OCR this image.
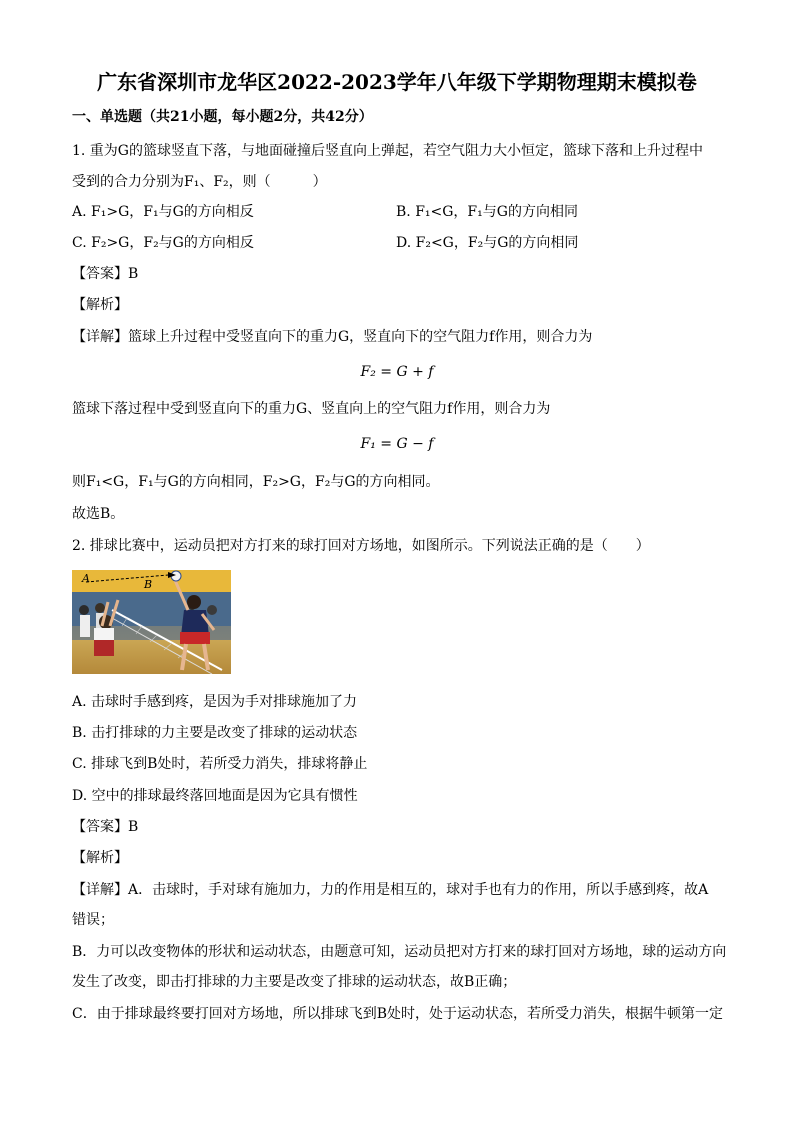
广东省深圳市龙华区2022-2023学年八年级下学期物理期末模拟卷
一、单选题（共21小题，每小题2分，共42分）
1. 重为G的篮球竖直下落，与地面碰撞后竖直向上弹起，若空气阻力大小恒定，篮球下落和上升过程中
受到的合力分别为F₁、F₂，则（　　　）
A. F₁>G，F₁与G的方向相反	B. F₁<G，F₁与G的方向相同
C. F₂>G，F₂与G的方向相反	D. F₂<G，F₂与G的方向相同
【答案】B
【解析】
【详解】篮球上升过程中受竖直向下的重力G，竖直向下的空气阻力f作用，则合力为
F₂ = G + f
篮球下落过程中受到竖直向下的重力G、竖直向上的空气阻力f作用，则合力为
F₁ = G − f
则F₁<G，F₁与G的方向相同，F₂>G，F₂与G的方向相同。
故选B。
2. 排球比赛中，运动员把对方打来的球打回对方场地，如图所示。下列说法正确的是（　　）
A	B
A. 击球时手感到疼，是因为手对排球施加了力
B. 击打排球的力主要是改变了排球的运动状态
C. 排球飞到B处时，若所受力消失，排球将静止
D. 空中的排球最终落回地面是因为它具有惯性
【答案】B
【解析】
【详解】A．击球时，手对球有施加力，力的作用是相互的，球对手也有力的作用，所以手感到疼，故A
错误；
B．力可以改变物体的形状和运动状态，由题意可知，运动员把对方打来的球打回对方场地，球的运动方向
发生了改变，即击打排球的力主要是改变了排球的运动状态，故B正确；
C．由于排球最终要打回对方场地，所以排球飞到B处时，处于运动状态，若所受力消失，根据牛顿第一定
